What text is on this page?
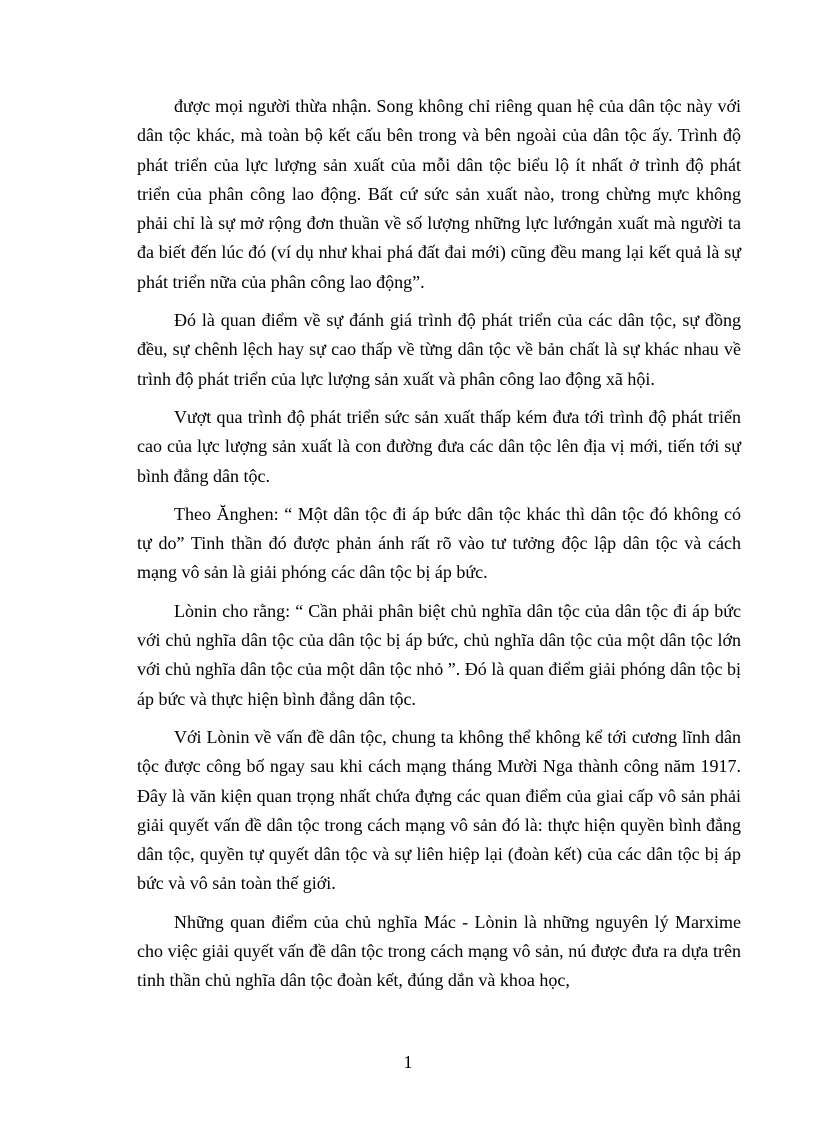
được mọi người thừa nhận. Song không chỉ riêng quan hệ của dân tộc này với dân tộc khác, mà toàn bộ kết cấu bên trong và bên ngoài của dân tộc ấy. Trình độ phát triển của lực lượng sản xuất của mỗi dân tộc biểu lộ ít nhất ở trình độ phát triển của phân công lao động. Bất cứ sức sản xuất nào, trong chừng mực không phải chỉ là sự mở rộng đơn thuần về số lượng những lực lướngản xuất mà người ta đa biết đến lúc đó (ví dụ như khai phá đất đai mới) cũng đều mang lại kết quả là sự phát triển nữa của phân công lao động”.

Đó là quan điểm về sự đánh giá trình độ phát triển của các dân tộc, sự đồng đều, sự chênh lệch hay sự cao thấp về từng dân tộc về bản chất là sự khác nhau về trình độ phát triển của lực lượng sản xuất và phân công lao động xã hội.

Vượt qua trình độ phát triển sức sản xuất thấp kém đưa tới trình độ phát triển cao của lực lượng sản xuất là con đường đưa các dân tộc lên địa vị mới, tiến tới sự bình đẳng dân tộc.

Theo Ănghen: “ Một dân tộc đi áp bức dân tộc khác thì dân tộc đó không có tự do” Tinh thần đó được phản ánh rất rõ vào tư tưởng độc lập dân tộc và cách mạng vô sản là giải phóng các dân tộc bị áp bức.

Lònin cho rằng: “ Cần phải phân biệt chủ nghĩa dân tộc của dân tộc đi áp bức với chủ nghĩa dân tộc của dân tộc bị áp bức, chủ nghĩa dân tộc của một dân tộc lớn với chủ nghĩa dân tộc của một dân tộc nhỏ ”. Đó là quan điểm giải phóng dân tộc bị áp bức và thực hiện bình đẳng dân tộc.

Với Lònin về vấn đề dân tộc, chung ta không thể không kể tới cương lĩnh dân tộc được công bố ngay sau khi cách mạng tháng Mười Nga thành công năm 1917. Đây là văn kiện quan trọng nhất chứa đựng các quan điểm của giai cấp vô sản phải giải quyết vấn đề dân tộc trong cách mạng vô sản đó là: thực hiện quyền bình đẳng dân tộc, quyền tự quyết dân tộc và sự liên hiệp lại (đoàn kết) của các dân tộc bị áp bức và vô sản toàn thế giới.

Những quan điểm của chủ nghĩa Mác - Lònin là những nguyên lý Marxime cho việc giải quyết vấn đề dân tộc trong cách mạng vô sản, nú được đưa ra dựa trên tinh thần chủ nghĩa dân tộc đoàn kết, đúng dắn và khoa học,

1
